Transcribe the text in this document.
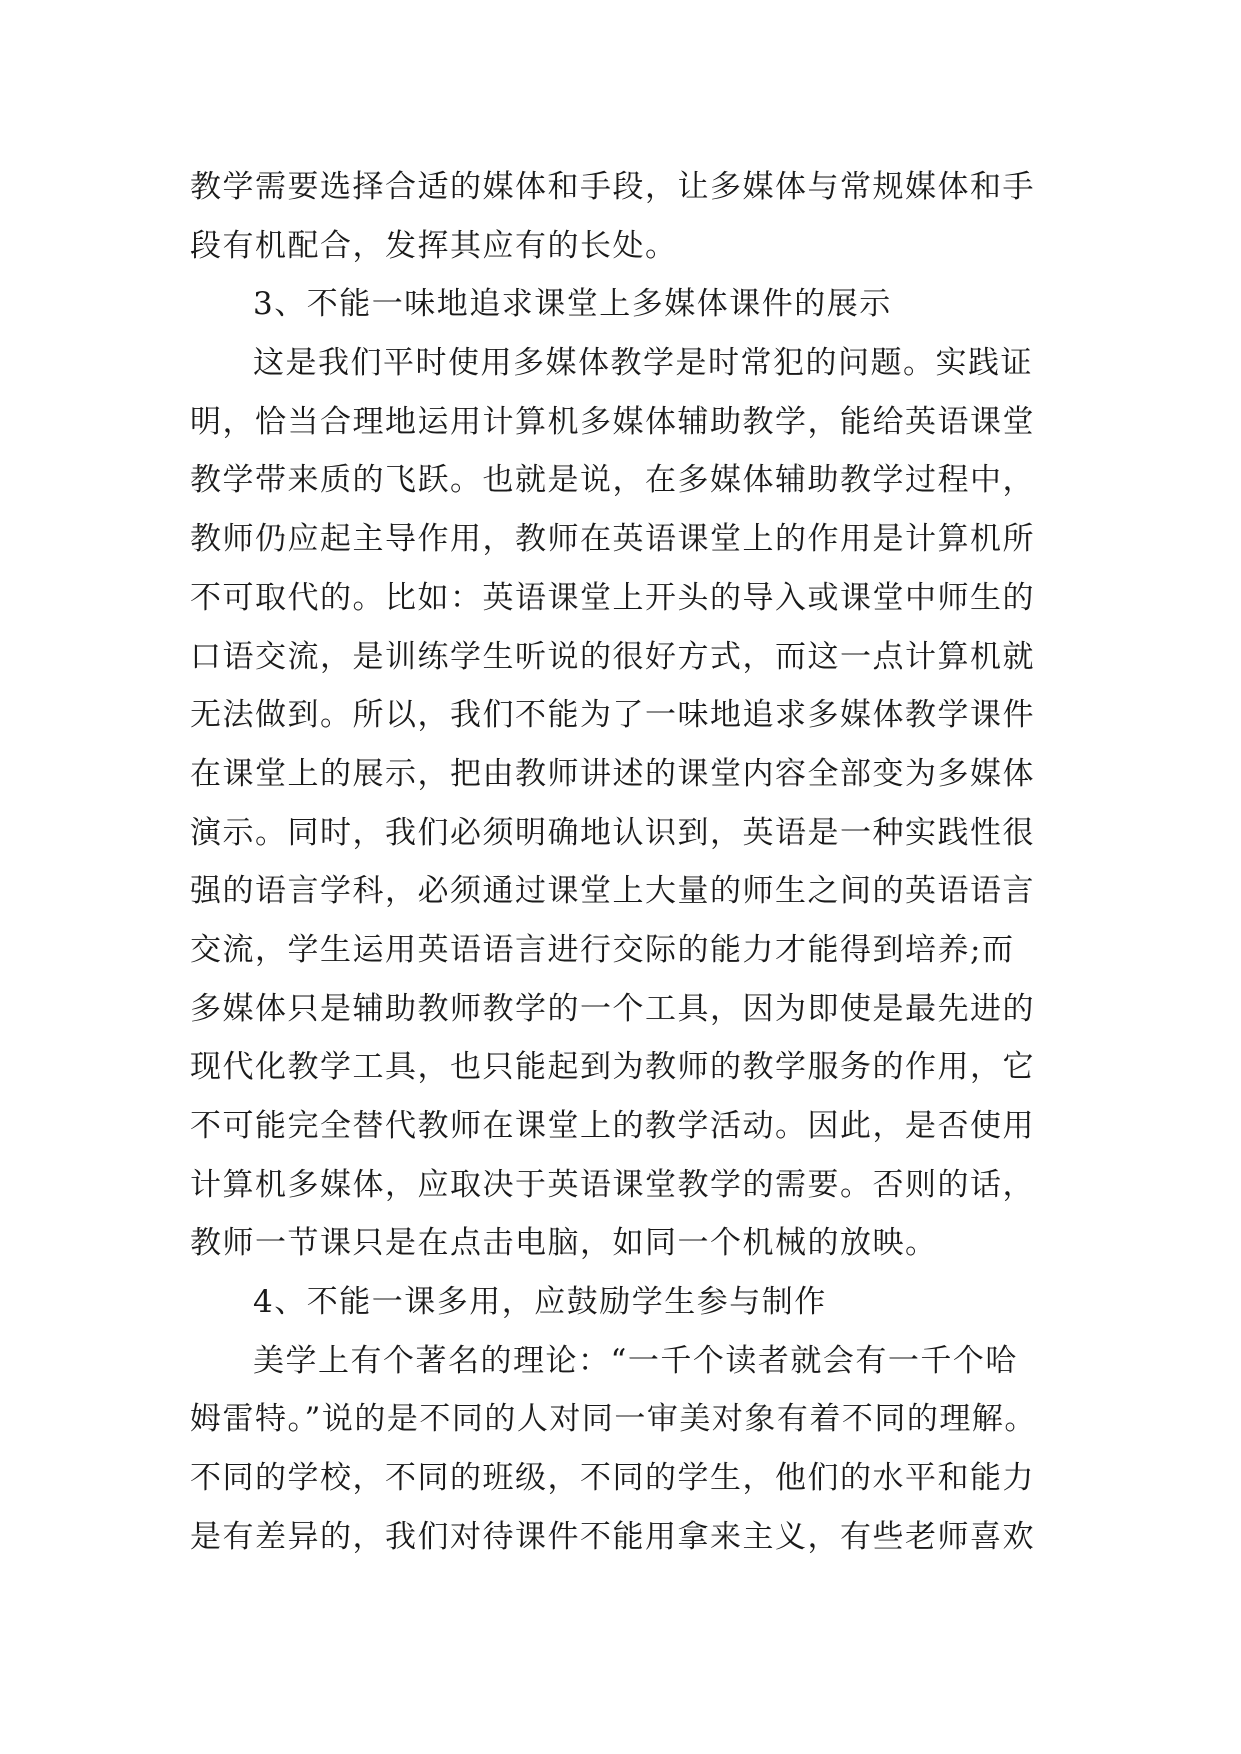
教学需要选择合适的媒体和手段，让多媒体与常规媒体和手
段有机配合，发挥其应有的长处。
3、不能一味地追求课堂上多媒体课件的展示
这是我们平时使用多媒体教学是时常犯的问题。实践证
明，恰当合理地运用计算机多媒体辅助教学，能给英语课堂
教学带来质的飞跃。也就是说，在多媒体辅助教学过程中，
教师仍应起主导作用，教师在英语课堂上的作用是计算机所
不可取代的。比如：英语课堂上开头的导入或课堂中师生的
口语交流，是训练学生听说的很好方式，而这一点计算机就
无法做到。所以，我们不能为了一味地追求多媒体教学课件
在课堂上的展示，把由教师讲述的课堂内容全部变为多媒体
演示。同时，我们必须明确地认识到，英语是一种实践性很
强的语言学科，必须通过课堂上大量的师生之间的英语语言
交流，学生运用英语语言进行交际的能力才能得到培养;而
多媒体只是辅助教师教学的一个工具，因为即使是最先进的
现代化教学工具，也只能起到为教师的教学服务的作用，它
不可能完全替代教师在课堂上的教学活动。因此，是否使用
计算机多媒体，应取决于英语课堂教学的需要。否则的话，
教师一节课只是在点击电脑，如同一个机械的放映。
4、不能一课多用，应鼓励学生参与制作
美学上有个著名的理论：“一千个读者就会有一千个哈
姆雷特。”说的是不同的人对同一审美对象有着不同的理解。
不同的学校，不同的班级，不同的学生，他们的水平和能力
是有差异的，我们对待课件不能用拿来主义，有些老师喜欢
